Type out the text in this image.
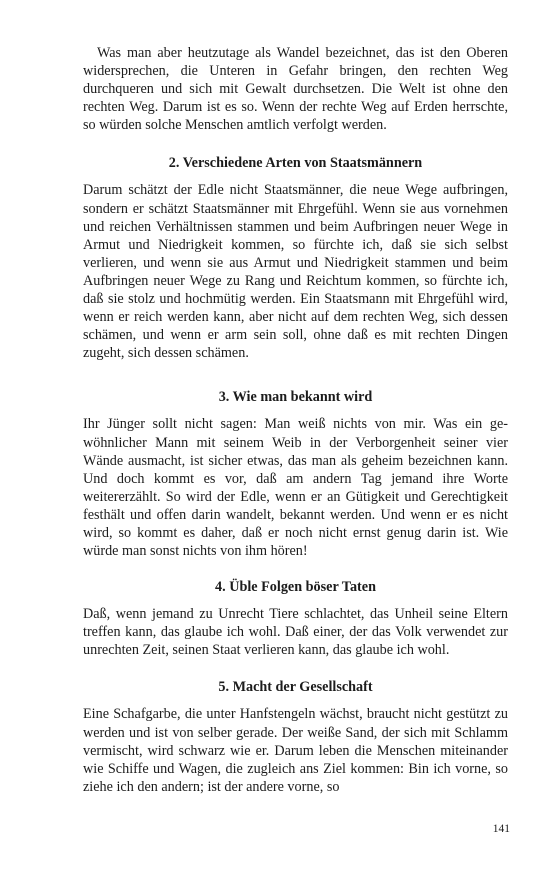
Was man aber heutzutage als Wandel bezeichnet, das ist den Oberen widersprechen, die Unteren in Gefahr bringen, den rechten Weg durchqueren und sich mit Gewalt durchsetzen. Die Welt ist ohne den rechten Weg. Darum ist es so. Wenn der rechte Weg auf Erden herrschte, so würden solche Menschen amtlich verfolgt werden.

2. Verschiedene Arten von Staatsmännern

Darum schätzt der Edle nicht Staatsmänner, die neue Wege aufbringen, sondern er schätzt Staatsmänner mit Ehrgefühl. Wenn sie aus vornehmen und reichen Verhältnissen stammen und beim Aufbringen neuer Wege in Armut und Niedrigkeit kommen, so fürchte ich, daß sie sich selbst verlieren, und wenn sie aus Armut und Niedrigkeit stammen und beim Aufbringen neuer Wege zu Rang und Reichtum kommen, so fürchte ich, daß sie stolz und hochmütig werden. Ein Staatsmann mit Ehrgefühl wird, wenn er reich werden kann, aber nicht auf dem rechten Weg, sich dessen schämen, und wenn er arm sein soll, ohne daß es mit rechten Dingen zugeht, sich dessen schämen.

3. Wie man bekannt wird

Ihr Jünger sollt nicht sagen: Man weiß nichts von mir. Was ein gewöhnlicher Mann mit seinem Weib in der Verborgenheit seiner vier Wände ausmacht, ist sicher etwas, das man als geheim bezeichnen kann. Und doch kommt es vor, daß am andern Tag jemand ihre Worte weitererzählt. So wird der Edle, wenn er an Gütigkeit und Gerechtigkeit festhält und offen darin wandelt, bekannt werden. Und wenn er es nicht wird, so kommt es daher, daß er noch nicht ernst genug darin ist. Wie würde man sonst nichts von ihm hören!

4. Üble Folgen böser Taten

Daß, wenn jemand zu Unrecht Tiere schlachtet, das Unheil seine Eltern treffen kann, das glaube ich wohl. Daß einer, der das Volk verwendet zur unrechten Zeit, seinen Staat verlieren kann, das glaube ich wohl.

5. Macht der Gesellschaft

Eine Schafgarbe, die unter Hanfstengeln wächst, braucht nicht gestützt zu werden und ist von selber gerade. Der weiße Sand, der sich mit Schlamm vermischt, wird schwarz wie er. Darum leben die Menschen miteinander wie Schiffe und Wagen, die zugleich ans Ziel kommen: Bin ich vorne, so ziehe ich den andern; ist der andere vorne, so

141
